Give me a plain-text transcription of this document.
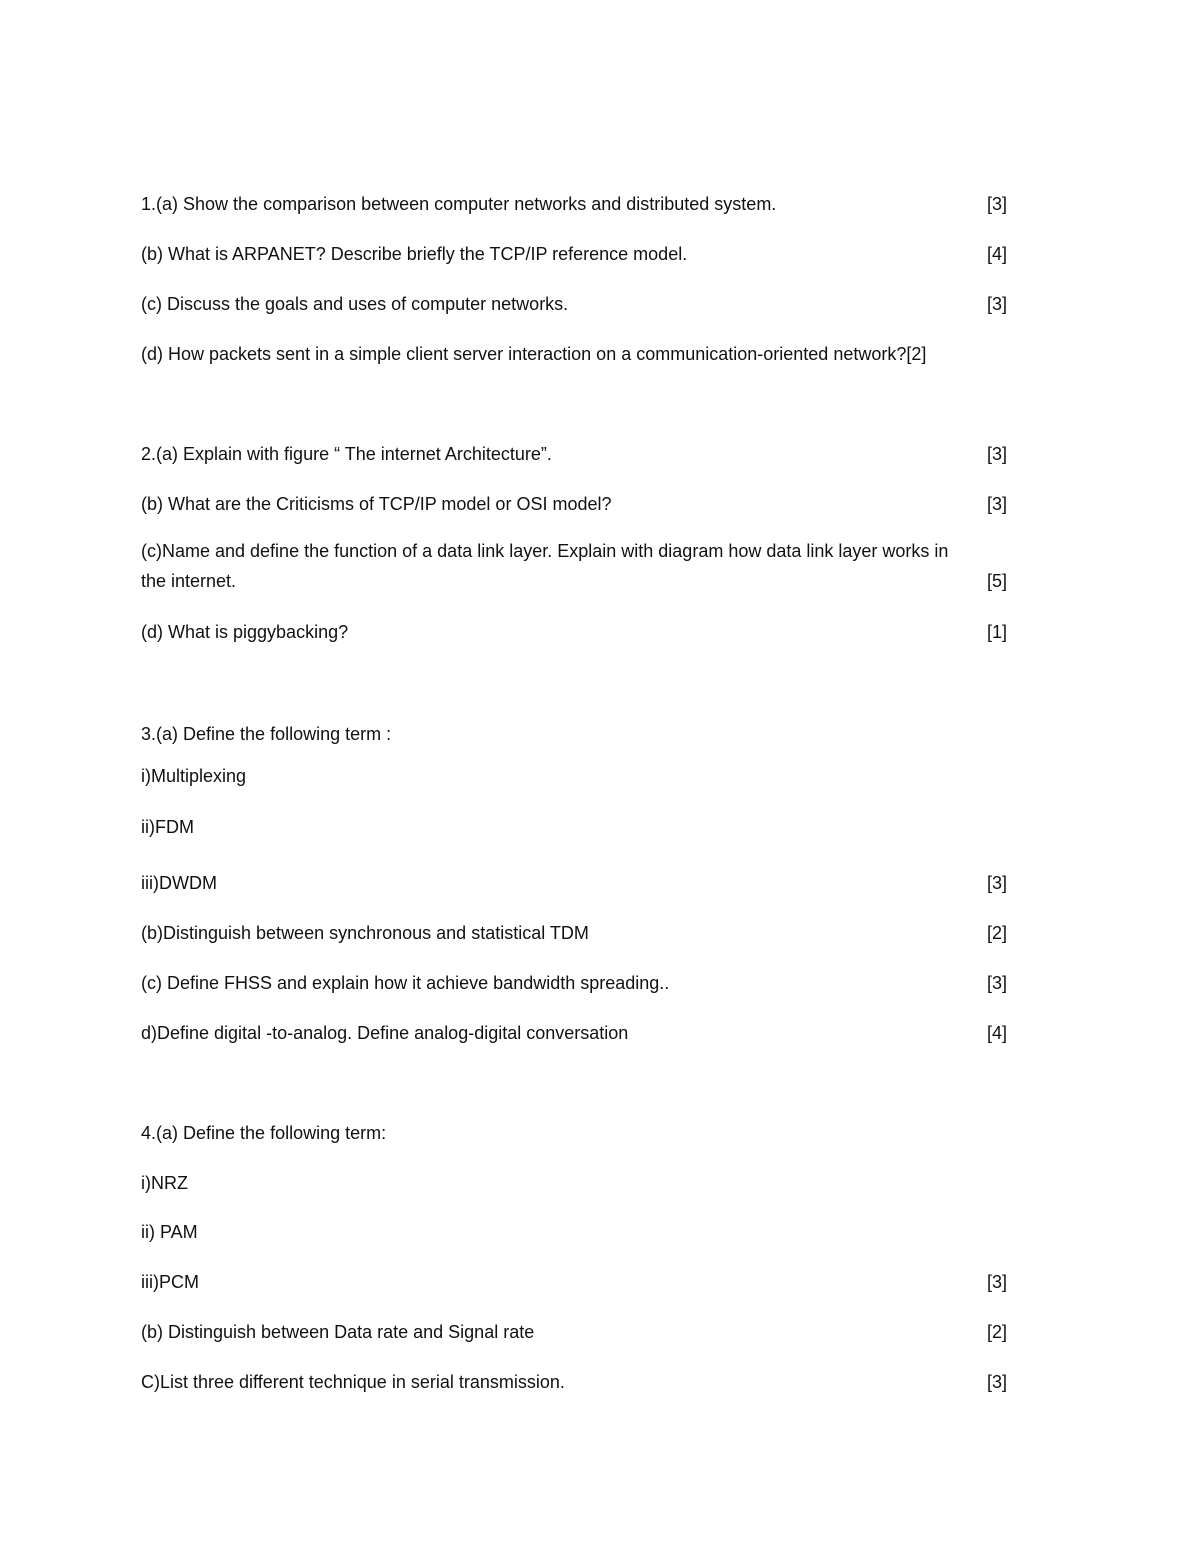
1.(a) Show the comparison between computer networks and distributed system.	[3]
(b) What is ARPANET? Describe briefly the TCP/IP reference model.	[4]
(c) Discuss the goals and uses of computer networks.	[3]
(d) How packets sent in a simple client server interaction on a communication-oriented network?[2]
2.(a) Explain with figure “ The internet Architecture”.	[3]
(b) What are the Criticisms of TCP/IP model or OSI model?	[3]
(c)Name and define the function of a data link layer. Explain with diagram how data link layer works in
the internet.	[5]
(d) What is piggybacking?	[1]
3.(a) Define the following term :
i)Multiplexing
ii)FDM
iii)DWDM	[3]
(b)Distinguish between synchronous and statistical TDM	[2]
(c) Define FHSS and explain how it achieve bandwidth spreading..	[3]
d)Define digital -to-analog. Define analog-digital conversation	[4]
4.(a) Define the following term:
i)NRZ
ii) PAM
iii)PCM	[3]
(b) Distinguish between Data rate and Signal rate	[2]
C)List three different technique in serial transmission.	[3]
